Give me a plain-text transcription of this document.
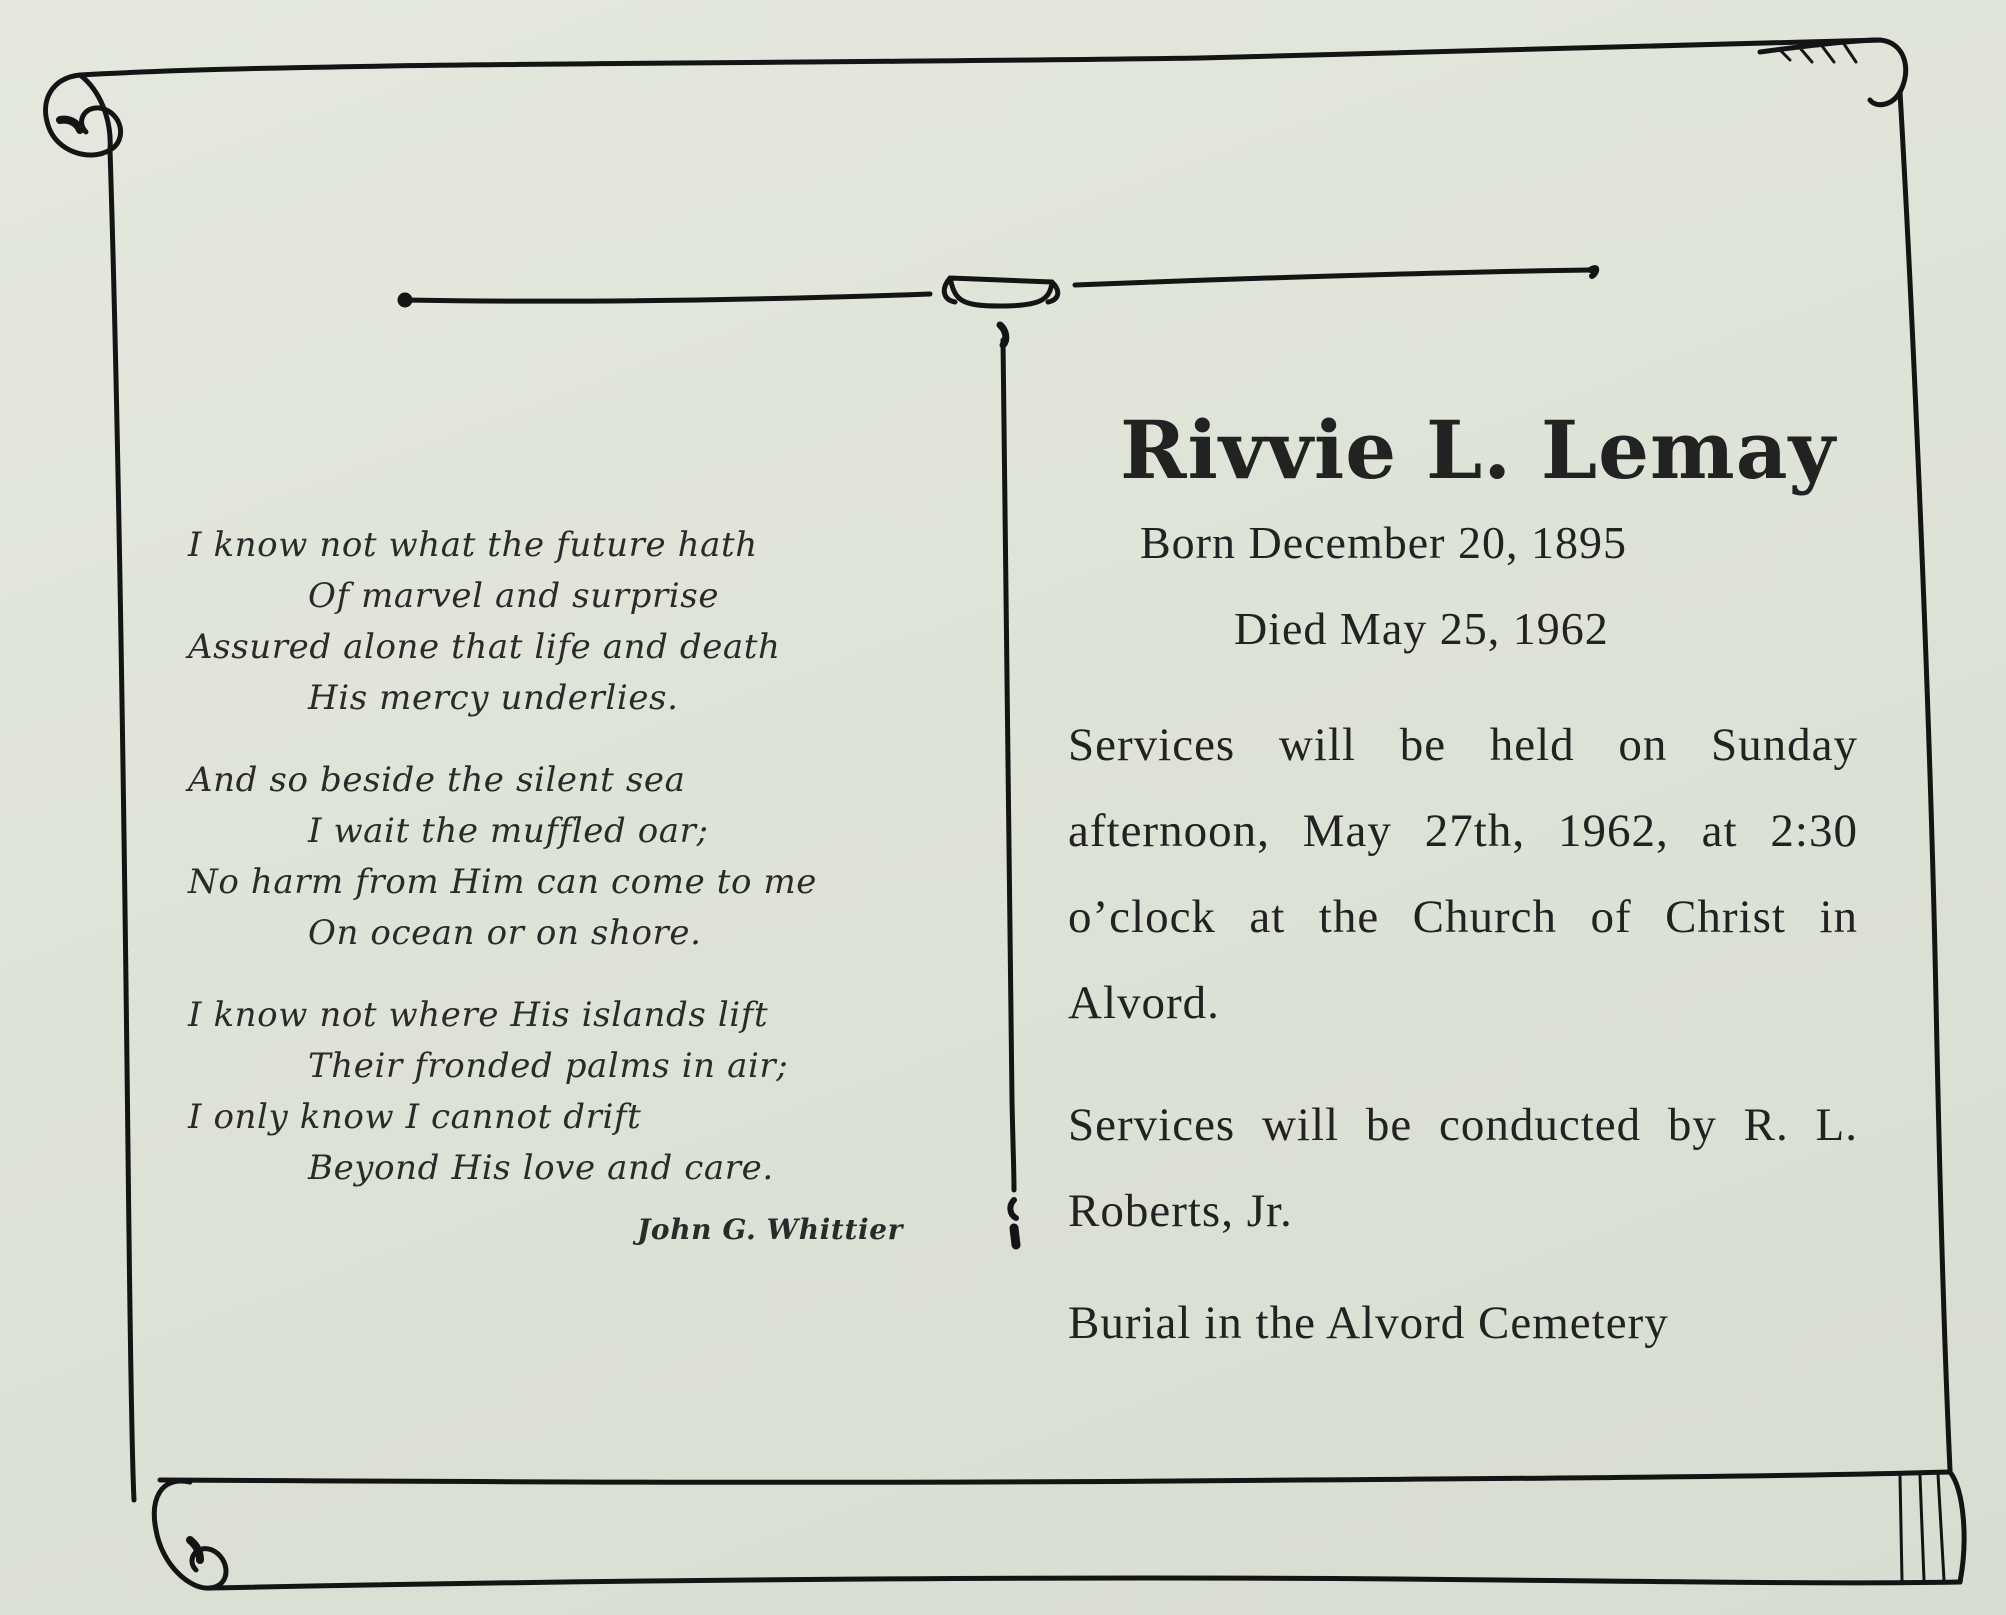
I know not what the future hath
Of marvel and surprise
Assured alone that life and death
His mercy underlies.
And so beside the silent sea
I wait the muffled oar;
No harm from Him can come to me
On ocean or on shore.
I know not where His islands lift
Their fronded palms in air;
I only know I cannot drift
Beyond His love and care.
John G. Whittier
Rivvie L. Lemay
Born December 20, 1895
Died May 25, 1962

Services will be held on Sunday afternoon, May 27th, 1962, at 2:30 o’clock at the Church of Christ in Alvord.

Services will be conducted by R. L. Roberts, Jr.

Burial in the Alvord Cemetery
